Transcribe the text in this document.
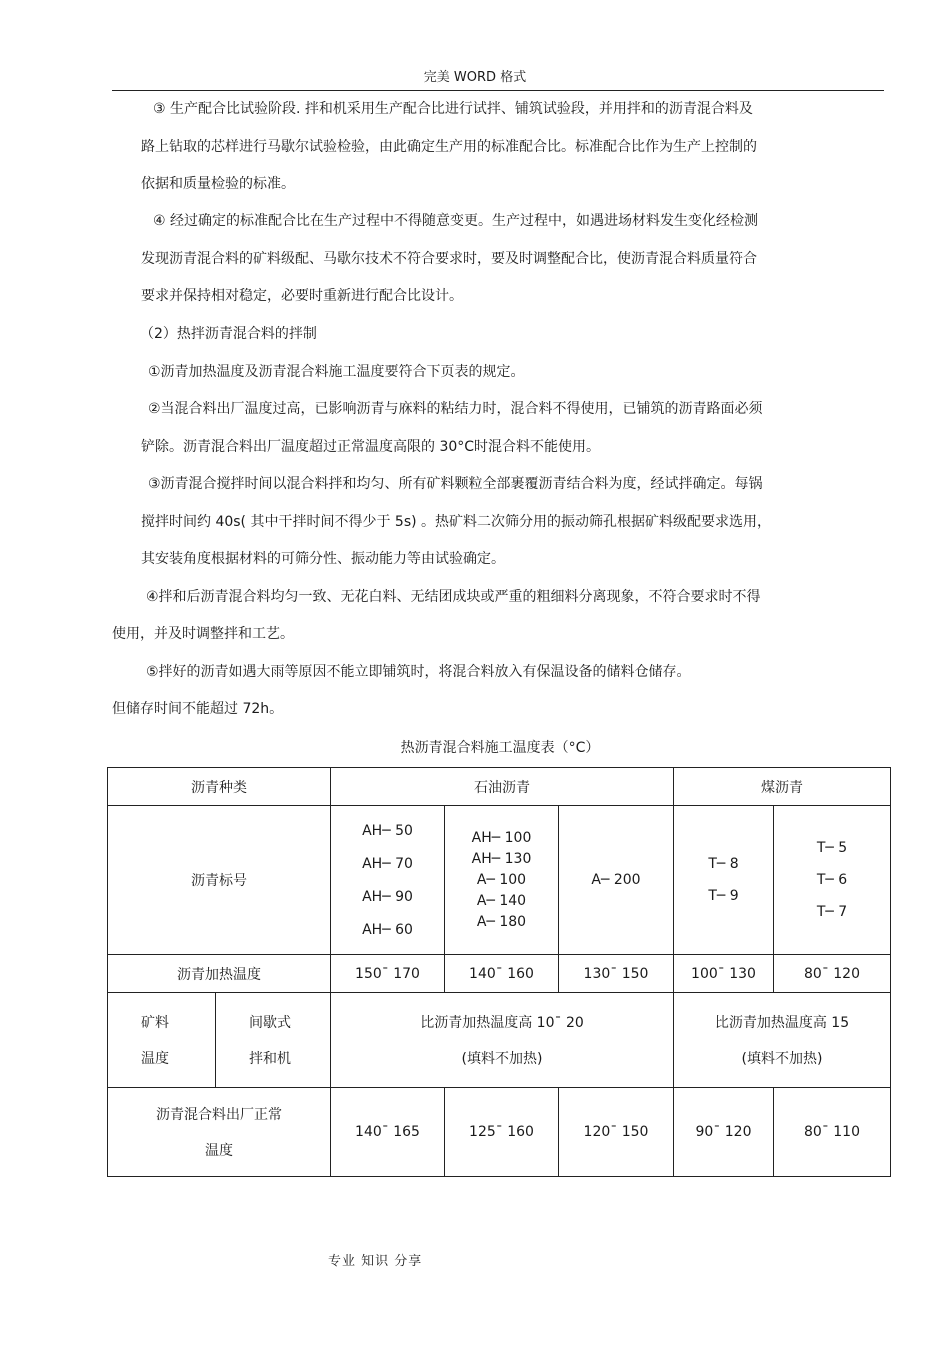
完美 WORD 格式
③ 生产配合比试验阶段. 拌和机采用生产配合比进行试拌、铺筑试验段，并用拌和的沥青混合料及
路上钻取的芯样进行马歇尔试验检验，由此确定生产用的标准配合比。标准配合比作为生产上控制的
依据和质量检验的标准。
④ 经过确定的标准配合比在生产过程中不得随意变更。生产过程中，如遇进场材料发生变化经检测
发现沥青混合料的矿料级配、马歇尔技术不符合要求时，要及时调整配合比，使沥青混合料质量符合
要求并保持相对稳定，必要时重新进行配合比设计。
（2）热拌沥青混合料的拌制
①沥青加热温度及沥青混合料施工温度要符合下页表的规定。
②当混合料出厂温度过高，已影响沥青与庥料的粘结力时，混合料不得使用，已铺筑的沥青路面必须
铲除。沥青混合料出厂温度超过正常温度高限的 30°C时混合料不能使用。
③沥青混合搅拌时间以混合料拌和均匀、所有矿料颗粒全部裹覆沥青结合料为度，经试拌确定。每锅
搅拌时间约 40s( 其中干拌时间不得少于 5s) 。热矿料二次筛分用的振动筛孔根据矿料级配要求选用，
其安装角度根据材料的可筛分性、振动能力等由试验确定。
④拌和后沥青混合料均匀一致、无花白料、无结团成块或严重的粗细料分离现象，不符合要求时不得
使用，并及时调整拌和工艺。
⑤拌好的沥青如遇大雨等原因不能立即铺筑时，将混合料放入有保温设备的储料仓储存。
但储存时间不能超过 72h。
热沥青混合料施工温度表（°C）
沥青种类		石油沥青			煤沥青	
沥青标号		AH─ 50
AH─ 70
AH─ 90
AH─ 60	AH─ 100
AH─ 130
A─ 100
A─ 140
A─ 180	A─ 200	T─ 8
T─ 9	T─ 5
T─ 6
T─ 7

沥青加热温度		150¯ 170	140¯ 160	130¯ 150	100¯ 130	80¯ 120

矿料
温度	间歇式
拌和机	比沥青加热温度高 10¯ 20
(填料不加热)			比沥青加热温度高 15
(填料不加热)	

沥青混合料出厂正常
温度		140¯ 165	125¯ 160	120¯ 150	90¯ 120	80¯ 110
专业 知识 分享
